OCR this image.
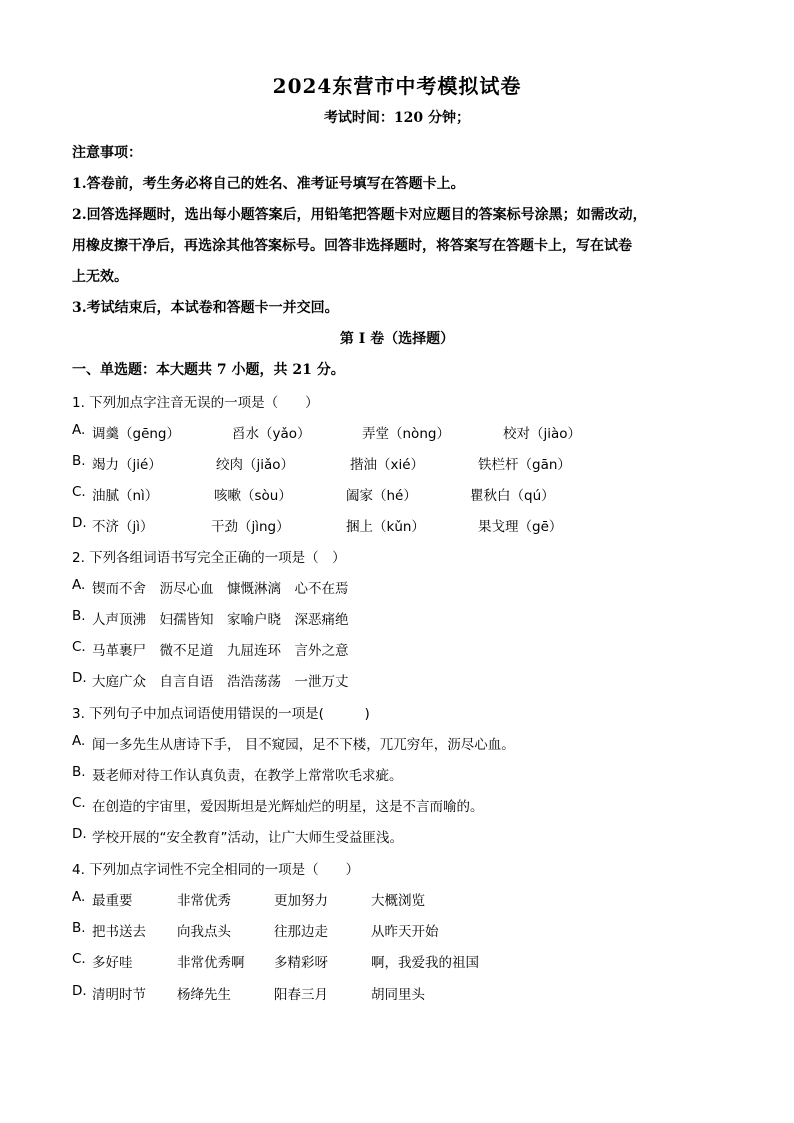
2024东营市中考模拟试卷
考试时间：120 分钟；
注意事项：
1.答卷前，考生务必将自己的姓名、准考证号填写在答题卡上。
2.回答选择题时，选出每小题答案后，用铅笔把答题卡对应题目的答案标号涂黑；如需改动，
用橡皮擦干净后，再选涂其他答案标号。回答非选择题时，将答案写在答题卡上，写在试卷
上无效。
3.考试结束后，本试卷和答题卡一并交回。
第 I 卷（选择题）
一、单选题：本大题共 7 小题，共 21 分。
1. 下列加点字注音无误的一项是（　　）
A. 调羹（gēng）	舀水（yǎo）	弄堂（nòng）	校对（jiào）
B. 竭力（jié）	绞肉（jiǎo）	揩油（xié）	铁栏杆（gān）
C. 油腻（nì）	咳嗽（sòu）	阖家（hé）	瞿秋白（qú）
D. 不济（jì）	干劲（jìng）	捆上（kǔn）	果戈理（gē）
2. 下列各组词语书写完全正确的一项是（　）
A. 锲而不舍　沥尽心血　慷慨淋漓　心不在焉
B. 人声顶沸　妇孺皆知　家喻户晓　深恶痛绝
C. 马革裹尸　微不足道　九屈连环　言外之意
D. 大庭广众　自言自语　浩浩荡荡　一泄万丈
3. 下列句子中加点词语使用错误的一项是(　　　)
A. 闻一多先生从唐诗下手， 目不窥园，足不下楼，兀兀穷年，沥尽心血。
B. 聂老师对待工作认真负责，在教学上常常吹毛求疵。
C. 在创造的宇宙里，爱因斯坦是光辉灿烂的明星，这是不言而喻的。
D. 学校开展的“安全教育”活动，让广大师生受益匪浅。
4. 下列加点字词性不完全相同的一项是（　　）
A. 最重要	非常优秀	更加努力	大概浏览
B. 把书送去 向我点头	往那边走	从昨天开始
C. 多好哇	非常优秀啊 多精彩呀	啊，我爱我的祖国
D. 清明时节 杨绛先生	阳春三月	胡同里头
